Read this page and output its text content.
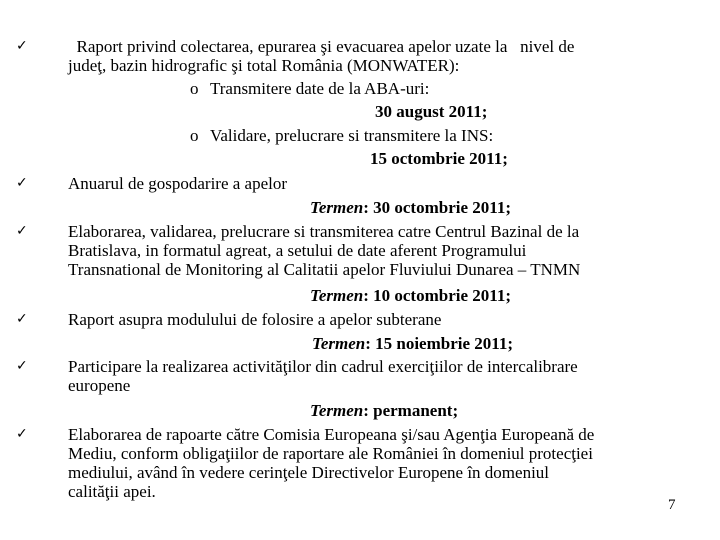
✓	Raport privind colectarea, epurarea şi evacuarea apelor uzate la   nivel de
judeţ, bazin hidrografic şi total România (MONWATER):
o Transmitere date de la ABA-uri:
30 august 2011;
o Validare, prelucrare si transmitere la INS:
15 octombrie 2011;
✓	Anuarul de gospodarire a apelor
Termen: 30 octombrie 2011;
✓	Elaborarea, validarea, prelucrare si transmiterea catre Centrul Bazinal de la
Bratislava, in formatul agreat, a setului de date aferent Programului
Transnational de Monitoring al Calitatii apelor Fluviului Dunarea – TNMN
Termen: 10 octombrie 2011;
✓	Raport asupra modulului de folosire a apelor subterane
Termen: 15 noiembrie 2011;
✓	Participare la realizarea activităţilor din cadrul exerciţiilor de intercalibrare
europene
Termen: permanent;
✓	Elaborarea de rapoarte către Comisia Europeana şi/sau Agenţia Europeană de
Mediu, conform obligaţiilor de raportare ale României în domeniul protecţiei
mediului, având în vedere cerinţele Directivelor Europene în domeniul
calităţii apei.
7
